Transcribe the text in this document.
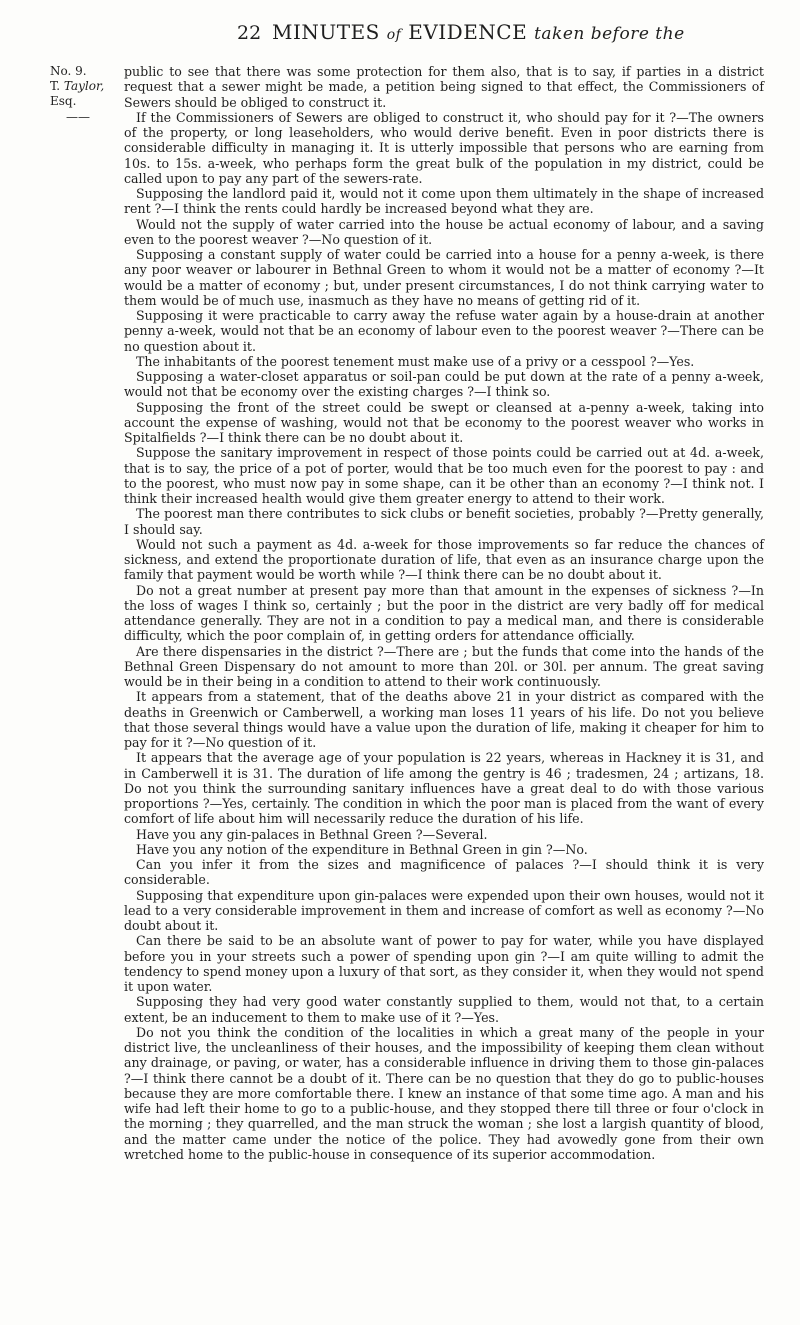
22 MINUTES of EVIDENCE taken before the
No. 9.
T. Taylor, Esq.
——

public to see that there was some protection for them also, that is to say, if parties in a district request that a sewer might be made, a petition being signed to that effect, the Commissioners of Sewers should be obliged to construct it.

If the Commissioners of Sewers are obliged to construct it, who should pay for it ?—The owners of the property, or long leaseholders, who would derive benefit. Even in poor districts there is considerable difficulty in managing it. It is utterly impossible that persons who are earning from 10s. to 15s. a-week, who perhaps form the great bulk of the population in my district, could be called upon to pay any part of the sewers-rate.

Supposing the landlord paid it, would not it come upon them ultimately in the shape of increased rent ?—I think the rents could hardly be increased beyond what they are.

Would not the supply of water carried into the house be actual economy of labour, and a saving even to the poorest weaver ?—No question of it.

Supposing a constant supply of water could be carried into a house for a penny a-week, is there any poor weaver or labourer in Bethnal Green to whom it would not be a matter of economy ?—It would be a matter of economy ; but, under present circumstances, I do not think carrying water to them would be of much use, inasmuch as they have no means of getting rid of it.

Supposing it were practicable to carry away the refuse water again by a house-drain at another penny a-week, would not that be an economy of labour even to the poorest weaver ?—There can be no question about it.

The inhabitants of the poorest tenement must make use of a privy or a cesspool ?—Yes.

Supposing a water-closet apparatus or soil-pan could be put down at the rate of a penny a-week, would not that be economy over the existing charges ?—I think so.

Supposing the front of the street could be swept or cleansed at a-penny a-week, taking into account the expense of washing, would not that be economy to the poorest weaver who works in Spitalfields ?—I think there can be no doubt about it.

Suppose the sanitary improvement in respect of those points could be carried out at 4d. a-week, that is to say, the price of a pot of porter, would that be too much even for the poorest to pay : and to the poorest, who must now pay in some shape, can it be other than an economy ?—I think not. I think their increased health would give them greater energy to attend to their work.

The poorest man there contributes to sick clubs or benefit societies, probably ?—Pretty generally, I should say.

Would not such a payment as 4d. a-week for those improvements so far reduce the chances of sickness, and extend the proportionate duration of life, that even as an insurance charge upon the family that payment would be worth while ?—I think there can be no doubt about it.

Do not a great number at present pay more than that amount in the expenses of sickness ?—In the loss of wages I think so, certainly ; but the poor in the district are very badly off for medical attendance generally. They are not in a condition to pay a medical man, and there is considerable difficulty, which the poor complain of, in getting orders for attendance officially.

Are there dispensaries in the district ?—There are ; but the funds that come into the hands of the Bethnal Green Dispensary do not amount to more than 20l. or 30l. per annum. The great saving would be in their being in a condition to attend to their work continuously.

It appears from a statement, that of the deaths above 21 in your district as compared with the deaths in Greenwich or Camberwell, a working man loses 11 years of his life. Do not you believe that those several things would have a value upon the duration of life, making it cheaper for him to pay for it ?—No question of it.

It appears that the average age of your population is 22 years, whereas in Hackney it is 31, and in Camberwell it is 31. The duration of life among the gentry is 46 ; tradesmen, 24 ; artizans, 18. Do not you think the surrounding sanitary influences have a great deal to do with those various proportions ?—Yes, certainly. The condition in which the poor man is placed from the want of every comfort of life about him will necessarily reduce the duration of his life.

Have you any gin-palaces in Bethnal Green ?—Several.

Have you any notion of the expenditure in Bethnal Green in gin ?—No.

Can you infer it from the sizes and magnificence of palaces ?—I should think it is very considerable.

Supposing that expenditure upon gin-palaces were expended upon their own houses, would not it lead to a very considerable improvement in them and increase of comfort as well as economy ?—No doubt about it.

Can there be said to be an absolute want of power to pay for water, while you have displayed before you in your streets such a power of spending upon gin ?—I am quite willing to admit the tendency to spend money upon a luxury of that sort, as they consider it, when they would not spend it upon water.

Supposing they had very good water constantly supplied to them, would not that, to a certain extent, be an inducement to them to make use of it ?—Yes.

Do not you think the condition of the localities in which a great many of the people in your district live, the uncleanliness of their houses, and the impossibility of keeping them clean without any drainage, or paving, or water, has a considerable influence in driving them to those gin-palaces ?—I think there cannot be a doubt of it. There can be no question that they do go to public-houses because they are more comfortable there. I knew an instance of that some time ago. A man and his wife had left their home to go to a public-house, and they stopped there till three or four o'clock in the morning ; they quarrelled, and the man struck the woman ; she lost a largish quantity of blood, and the matter came under the notice of the police. They had avowedly gone from their own wretched home to the public-house in consequence of its superior accommodation.
